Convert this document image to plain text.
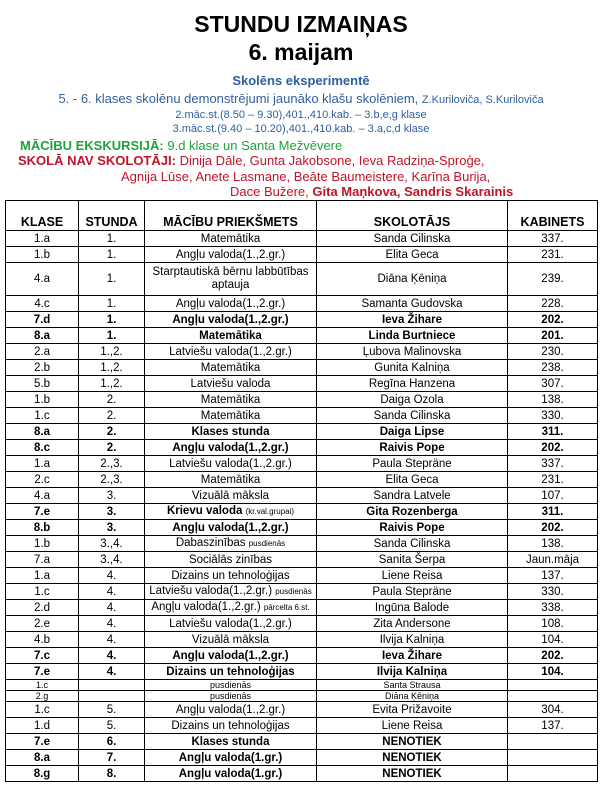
STUNDU IZMAIŅAS
6. maijam
Skolēns eksperimentē
5. - 6. klases skolēnu demonstrējumi jaunāko klašu skolēniem, Z.Kuriloviča, S.Kuriloviča
2.māc.st.(8.50 – 9.30),401.,410.kab. – 3.b,e,g klase
3.māc.st.(9.40 – 10.20),401.,410.kab. – 3.a,c,d klase
MĀCĪBU EKSKURSIJĀ: 9.d klase un Santa Mežvēvere
SKOLĀ NAV SKOLOTĀJI: Dinija Dāle, Gunta Jakobsone, Ieva Radziņa-Sproģe,
Agnija Lūse, Anete Lasmane, Beāte Baumeistere, Karīna Burija,
Dace Bužere, Gita Maņkova, Sandris Skarainis
KLASE	STUNDA	MĀCĪBU PRIEKŠMETS	SKOLOTĀJS	KABINETS
1.a	1.	Matemātika	Sanda Cilinska	337.
1.b	1.	Angļu valoda(1.,2.gr.)	Elita Geca	231.
4.a	1.	Starptautiskā bērnu labbūtības aptauja	Diāna Ķēniņa	239.
4.c	1.	Angļu valoda(1.,2.gr.)	Samanta Gudovska	228.
7.d	1.	Angļu valoda(1.,2.gr.)	Ieva Žihare	202.
8.a	1.	Matemātika	Linda Burtniece	201.
2.a	1.,2.	Latviešu valoda(1.,2.gr.)	Ļubova Malinovska	230.
2.b	1.,2.	Matemātika	Gunita Kalniņa	238.
5.b	1.,2.	Latviešu valoda	Regīna Hanzena	307.
1.b	2.	Matemātika	Daiga Ozola	138.
1.c	2.	Matemātika	Sanda Cilinska	330.
8.a	2.	Klases stunda	Daiga Lipse	311.
8.c	2.	Angļu valoda(1.,2.gr.)	Raivis Pope	202.
1.a	2.,3.	Latviešu valoda(1.,2.gr.)	Paula Stepräne	337.
2.c	2.,3.	Matemātika	Elita Geca	231.
4.a	3.	Vizuālā māksla	Sandra Latvele	107.
7.e	3.	Krievu valoda (kr.val.grupai)	Gita Rozenberga	311.
8.b	3.	Angļu valoda(1.,2.gr.)	Raivis Pope	202.
1.b	3.,4.	Dabaszinības pusdienās	Sanda Cilinska	138.
7.a	3.,4.	Sociālās zinības	Sanita Šerpa	Jaun.māja
1.a	4.	Dizains un tehnoloģijas	Liene Reisa	137.
1.c	4.	Latviešu valoda(1.,2.gr.) pusdienās	Paula Stepräne	330.
2.d	4.	Angļu valoda(1.,2.gr.) pārcelta 6.st.	Ingūna Balode	338.
2.e	4.	Latviešu valoda(1.,2.gr.)	Zita Andersone	108.
4.b	4.	Vizuālā māksla	Ilvija Kalniņa	104.
7.c	4.	Angļu valoda(1.,2.gr.)	Ieva Žihare	202.
7.e	4.	Dizains un tehnoloģijas	Ilvija Kalniņa	104.
1.c		pusdienās	Santa Strausa	
2.g		pusdienās	Diāna Ķēniņa	
1.c	5.	Angļu valoda(1.,2.gr.)	Evita Prižavoite	304.
1.d	5.	Dizains un tehnoloģijas	Liene Reisa	137.
7.e	6.	Klases stunda	NENOTIEK	
8.a	7.	Angļu valoda(1.gr.)	NENOTIEK	
8.g	8.	Angļu valoda(1.gr.)	NENOTIEK	
